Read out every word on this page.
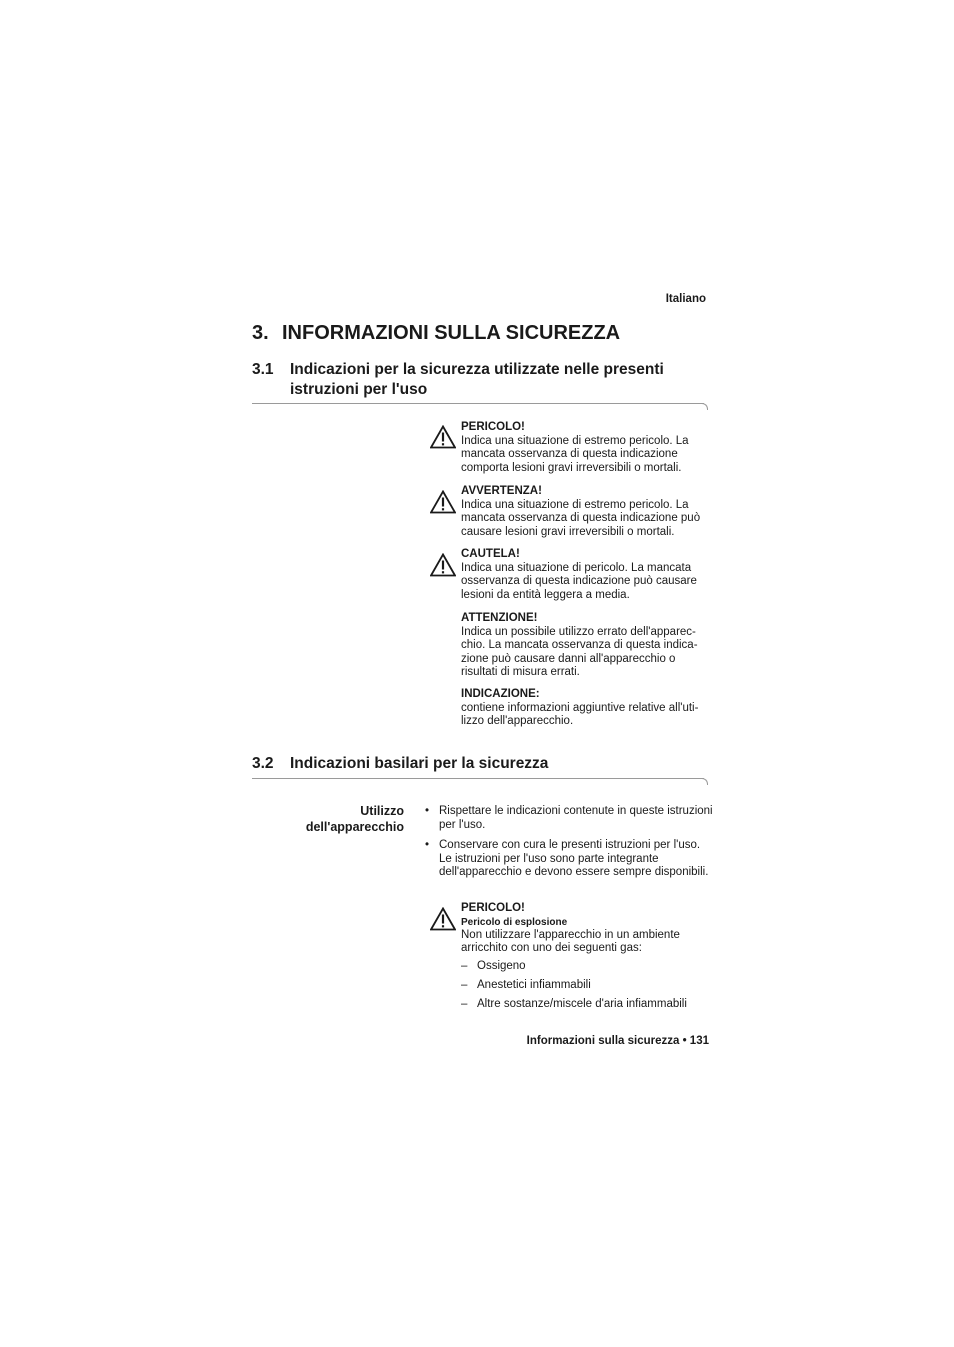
Italiano
3. INFORMAZIONI SULLA SICUREZZA
3.1	Indicazioni per la sicurezza utilizzate nelle presenti istruzioni per l'uso
PERICOLO!
Indica una situazione di estremo pericolo. La mancata osservanza di questa indicazione comporta lesioni gravi irreversibili o mortali.
AVVERTENZA!
Indica una situazione di estremo pericolo. La mancata osservanza di questa indicazione può causare lesioni gravi irreversibili o mortali.
CAUTELA!
Indica una situazione di pericolo. La mancata osservanza di questa indicazione può causare lesioni da entità leggera a media.
ATTENZIONE!
Indica un possibile utilizzo errato dell'apparec-chio. La mancata osservanza di questa indica-zione può causare danni all'apparecchio o risultati di misura errati.
INDICAZIONE:
contiene informazioni aggiuntive relative all'uti-lizzo dell'apparecchio.
3.2	Indicazioni basilari per la sicurezza
Utilizzo
dell'apparecchio
• Rispettare le indicazioni contenute in queste istruzioni per l'uso.
• Conservare con cura le presenti istruzioni per l'uso. Le istruzioni per l'uso sono parte integrante dell'apparecchio e devono essere sempre disponibili.
PERICOLO!
Pericolo di esplosione
Non utilizzare l'apparecchio in un ambiente arricchito con uno dei seguenti gas:
– Ossigeno
– Anestetici infiammabili
– Altre sostanze/miscele d'aria infiammabili
Informazioni sulla sicurezza • 131
